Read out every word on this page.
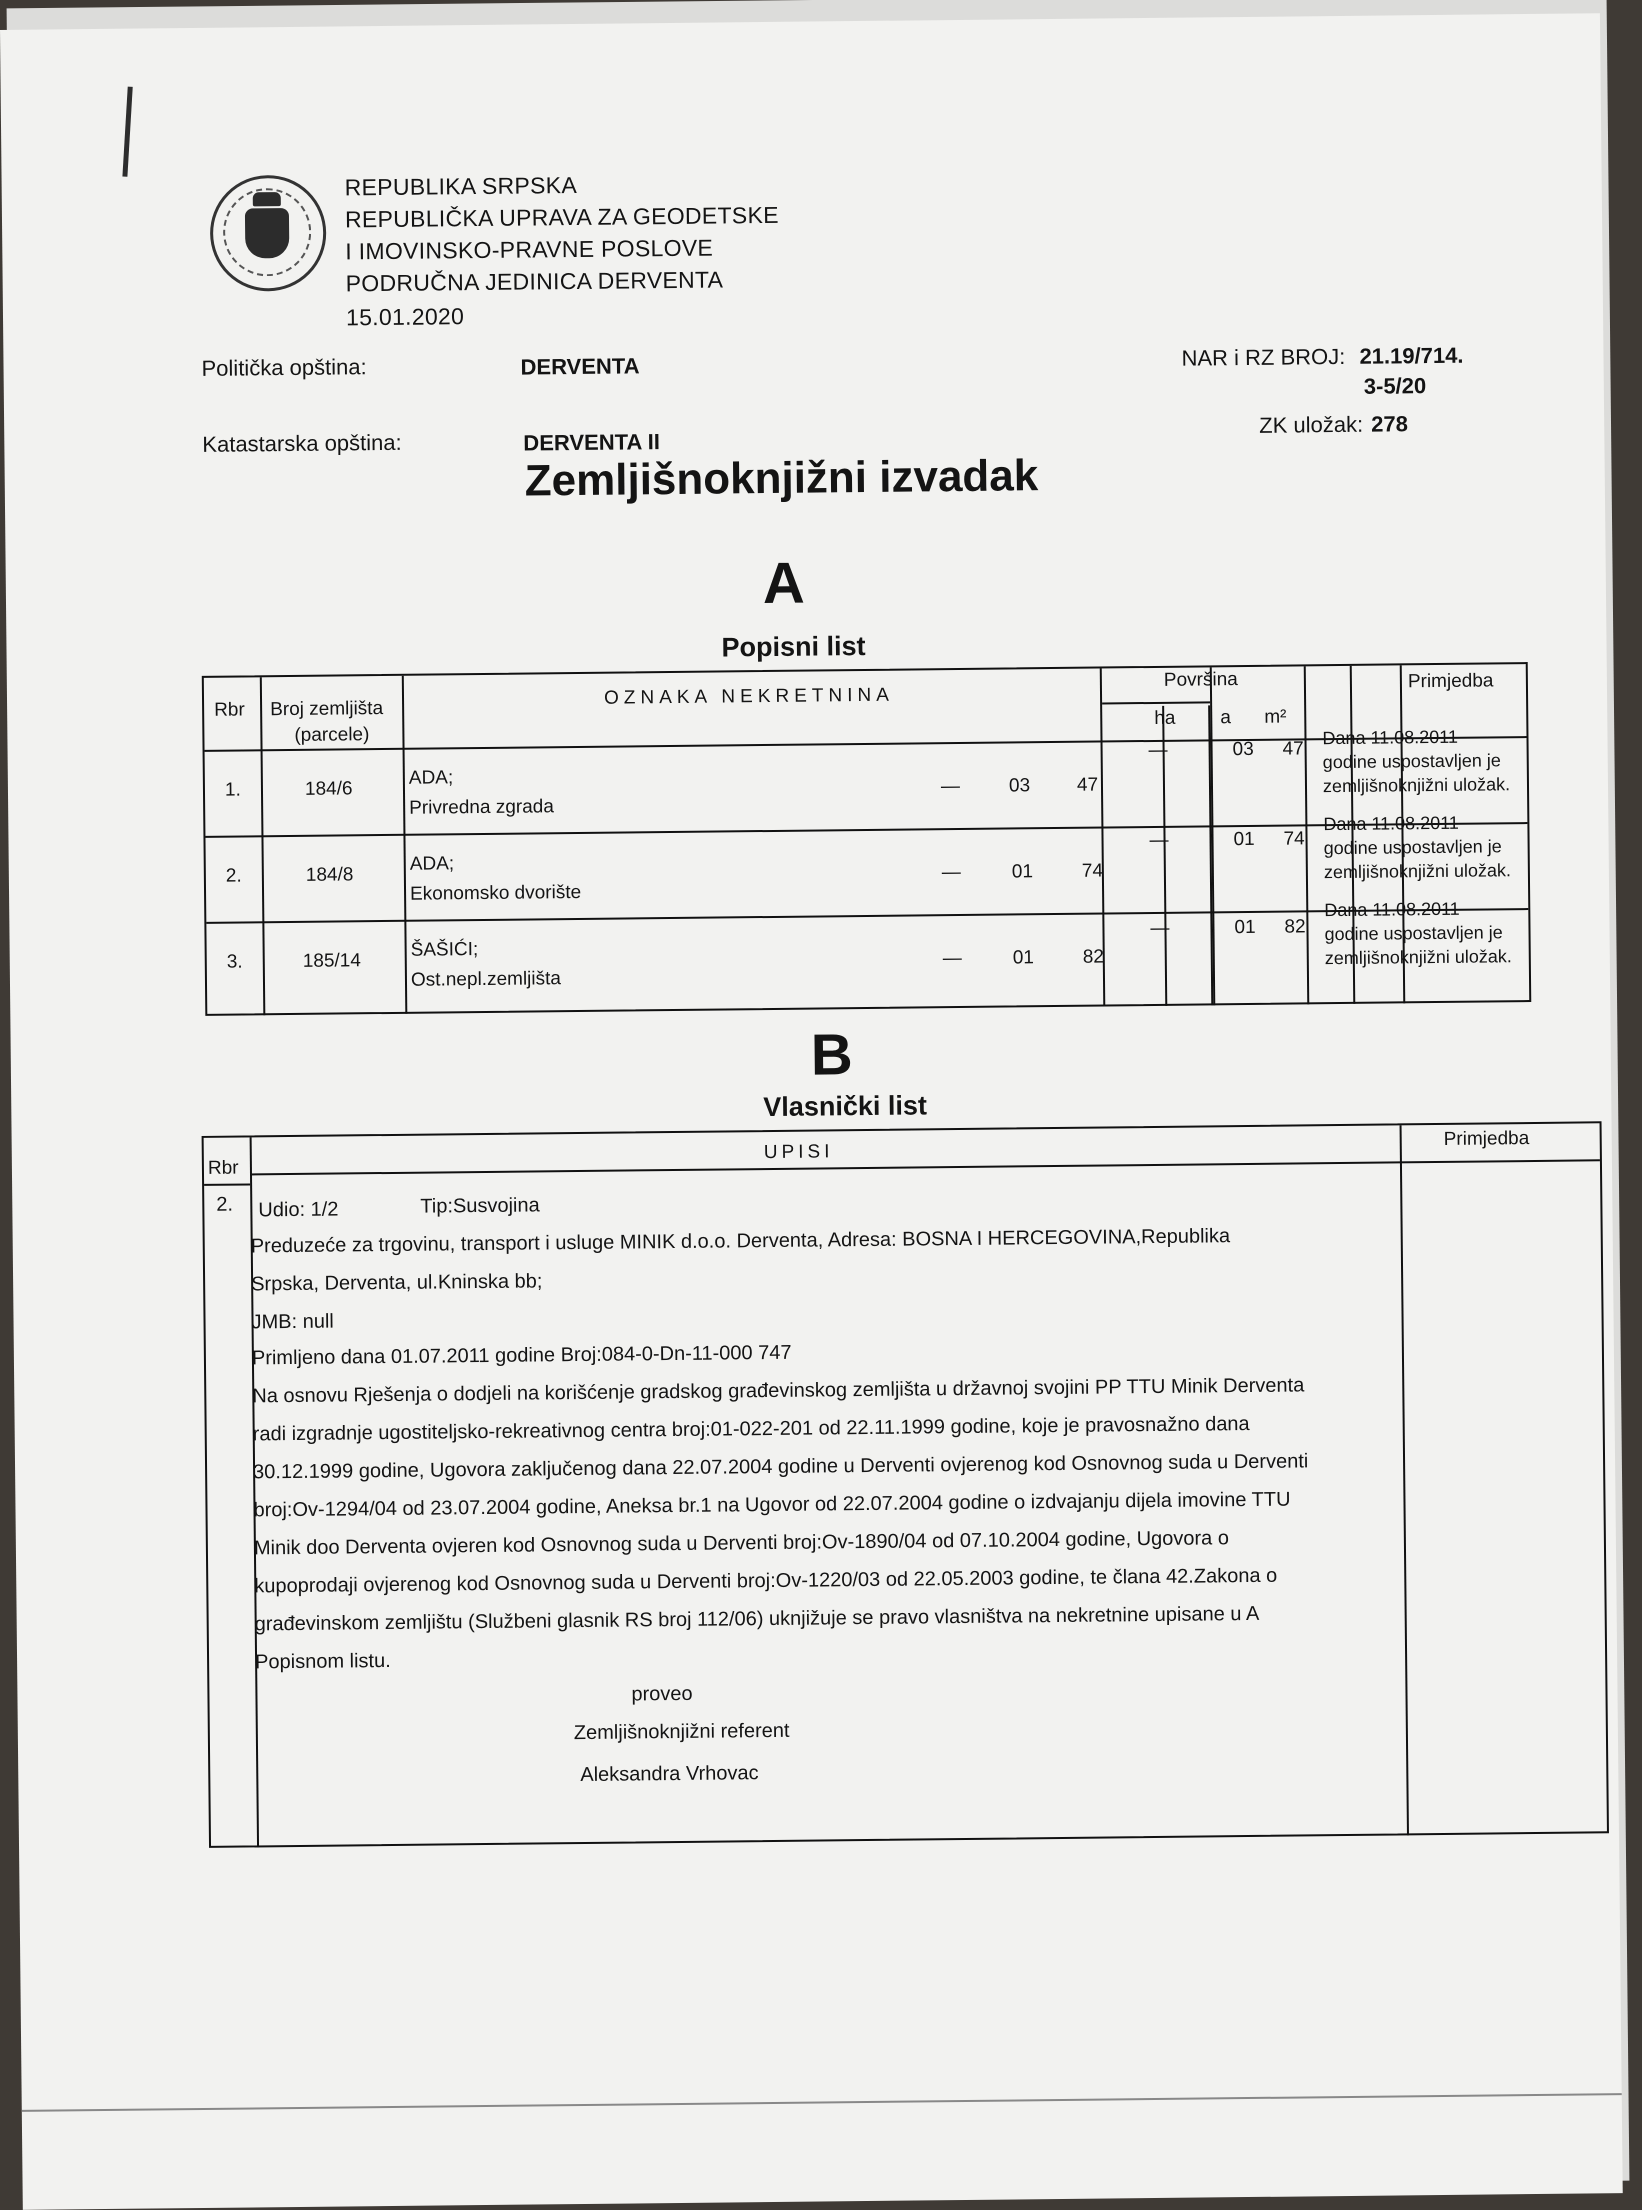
REPUBLIKA SRPSKA
REPUBLIČKA UPRAVA ZA GEODETSKE
I IMOVINSKO-PRAVNE POSLOVE
PODRUČNA JEDINICA DERVENTA
15.01.2020
Politička opština:	DERVENTA
Katastarska opština:	DERVENTA II
NAR i RZ BROJ: 21.19/714.
3-5/20
ZK uložak: 278
Zemljišnoknjižni izvadak
A
Popisni list
Rbr Broj zemljišta
(parcele)
OZNAKA NEKRETNINA
Površina
ha a m²
Primjedba
1.	184/6
ADA;
Privredna zgrada
—	03 47
—	03 47
Dana 11.08.2011
godine uspostavljen je
zemljišnoknjižni uložak.
2.	184/8
ADA;
Ekonomsko dvorište
—	01	74
—	01 74
Dana 11.08.2011
godine uspostavljen je
zemljišnoknjižni uložak.
3.	185/14
ŠAŠIĆI;
Ost.nepl.zemljišta
—	01	82
—	01 82
Dana 11.08.2011
godine uspostavljen je
zemljišnoknjižni uložak.
B
Vlasnički list
Rbr
UPISI
Primjedba
2. Udio: 1/2	Tip:Susvojina
Preduzeće za trgovinu, transport i usluge MINIK d.o.o. Derventa, Adresa: BOSNA I HERCEGOVINA,Republika
Srpska, Derventa, ul.Kninska bb;
JMB: null
Primljeno dana 01.07.2011 godine Broj:084-0-Dn-11-000 747
Na osnovu Rješenja o dodjeli na korišćenje gradskog građevinskog zemljišta u državnoj svojini PP TTU Minik Derventa
radi izgradnje ugostiteljsko-rekreativnog centra broj:01-022-201 od 22.11.1999 godine, koje je pravosnažno dana
30.12.1999 godine, Ugovora zaključenog dana 22.07.2004 godine u Derventi ovjerenog kod Osnovnog suda u Derventi
broj:Ov-1294/04 od 23.07.2004 godine, Aneksa br.1 na Ugovor od 22.07.2004 godine o izdvajanju dijela imovine TTU
Minik doo Derventa ovjeren kod Osnovnog suda u Derventi broj:Ov-1890/04 od 07.10.2004 godine, Ugovora o
kupoprodaji ovjerenog kod Osnovnog suda u Derventi broj:Ov-1220/03 od 22.05.2003 godine, te člana 42.Zakona o
građevinskom zemljištu (Službeni glasnik RS broj 112/06) uknjižuje se pravo vlasništva na nekretnine upisane u A
Popisnom listu.
proveo
Zemljišnoknjižni referent
Aleksandra Vrhovac
